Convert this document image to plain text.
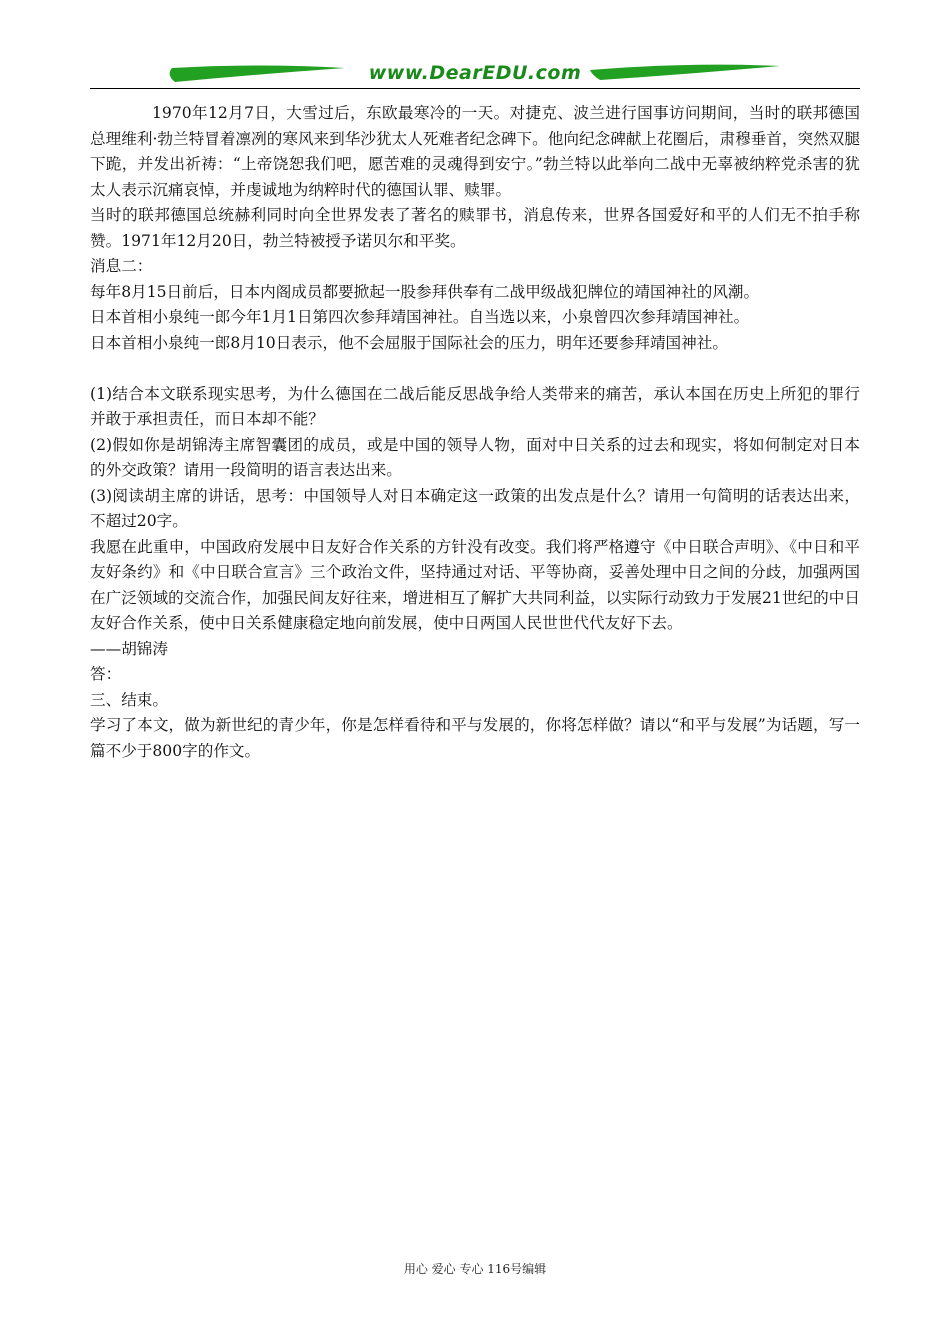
www.DearEDU.com

1970年12月7日，大雪过后，东欧最寒冷的一天。对捷克、波兰进行国事访问期间，当时的联邦德国总理维利·勃兰特冒着凛冽的寒风来到华沙犹太人死难者纪念碑下。他向纪念碑献上花圈后，肃穆垂首，突然双腿下跪，并发出祈祷：“上帝饶恕我们吧，愿苦难的灵魂得到安宁。”勃兰特以此举向二战中无辜被纳粹党杀害的犹太人表示沉痛哀悼，并虔诚地为纳粹时代的德国认罪、赎罪。

当时的联邦德国总统赫利同时向全世界发表了著名的赎罪书，消息传来，世界各国爱好和平的人们无不拍手称赞。1971年12月20日，勃兰特被授予诺贝尔和平奖。

消息二：

每年8月15日前后，日本内阁成员都要掀起一股参拜供奉有二战甲级战犯牌位的靖国神社的风潮。

日本首相小泉纯一郎今年1月1日第四次参拜靖国神社。自当选以来，小泉曾四次参拜靖国神社。

日本首相小泉纯一郎8月10日表示，他不会屈服于国际社会的压力，明年还要参拜靖国神社。

(1)结合本文联系现实思考，为什么德国在二战后能反思战争给人类带来的痛苦，承认本国在历史上所犯的罪行并敢于承担责任，而日本却不能？

(2)假如你是胡锦涛主席智囊团的成员，或是中国的领导人物，面对中日关系的过去和现实，将如何制定对日本的外交政策？请用一段简明的语言表达出来。

(3)阅读胡主席的讲话，思考：中国领导人对日本确定这一政策的出发点是什么？请用一句简明的话表达出来，不超过20字。

我愿在此重申，中国政府发展中日友好合作关系的方针没有改变。我们将严格遵守《中日联合声明》、《中日和平友好条约》和《中日联合宣言》三个政治文件，坚持通过对话、平等协商，妥善处理中日之间的分歧，加强两国在广泛领域的交流合作，加强民间友好往来，增进相互了解扩大共同利益，以实际行动致力于发展21世纪的中日友好合作关系，使中日关系健康稳定地向前发展，使中日两国人民世世代代友好下去。

——胡锦涛

答：

三、结束。

学习了本文，做为新世纪的青少年，你是怎样看待和平与发展的，你将怎样做？请以“和平与发展”为话题，写一篇不少于800字的作文。

用心 爱心 专心 116号编辑
